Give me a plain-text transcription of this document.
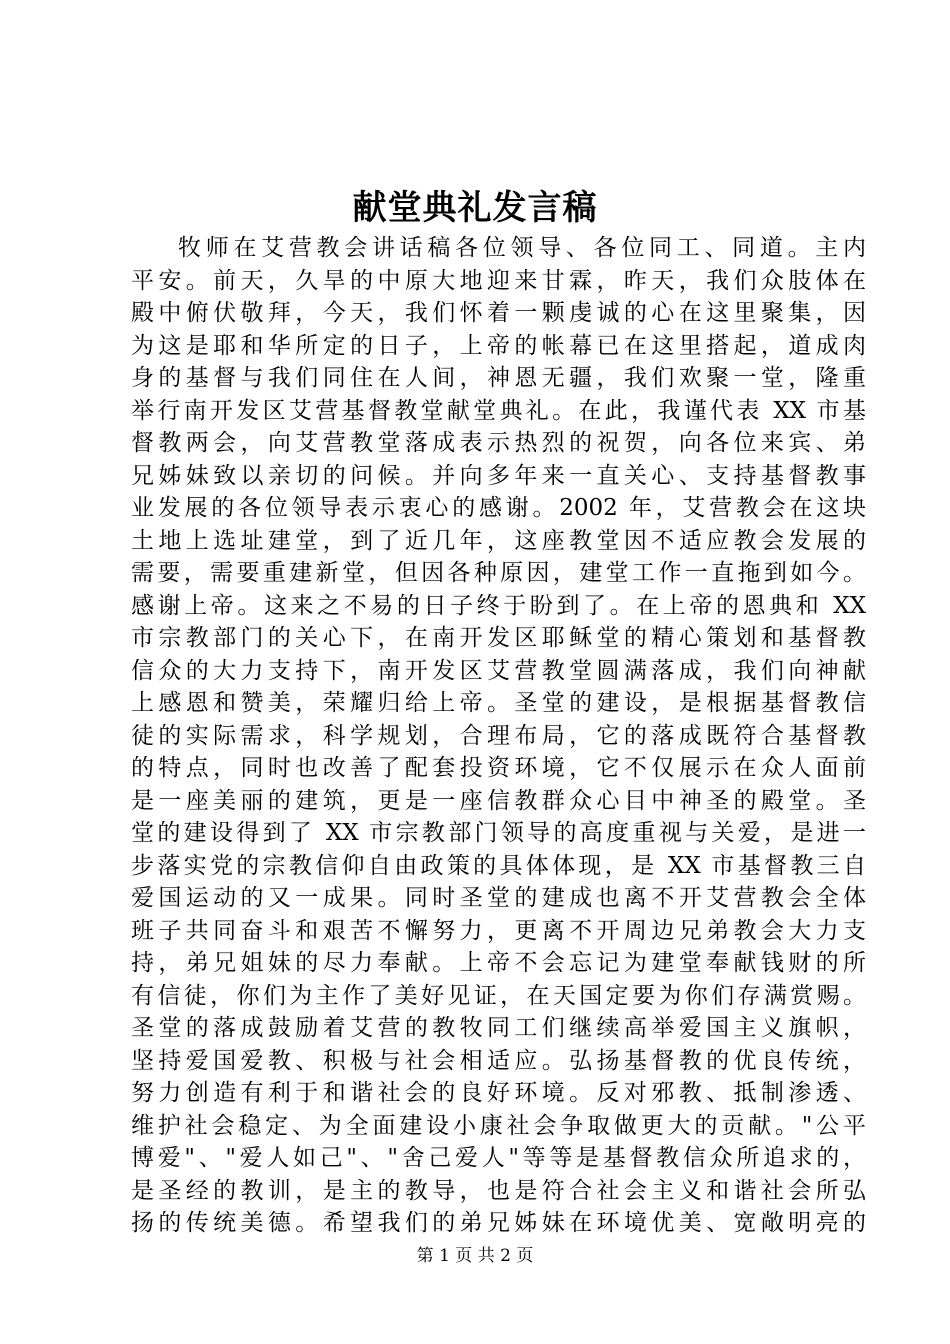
献堂典礼发言稿
牧师在艾营教会讲话稿各位领导、各位同工、同道。主内
平安。前天，久旱的中原大地迎来甘霖，昨天，我们众肢体在
殿中俯伏敬拜，今天，我们怀着一颗虔诚的心在这里聚集，因
为这是耶和华所定的日子，上帝的帐幕已在这里搭起，道成肉
身的基督与我们同住在人间，神恩无疆，我们欢聚一堂，隆重
举行南开发区艾营基督教堂献堂典礼。在此，我谨代表 XX 市基
督教两会，向艾营教堂落成表示热烈的祝贺，向各位来宾、弟
兄姊妹致以亲切的问候。并向多年来一直关心、支持基督教事
业发展的各位领导表示衷心的感谢。2002 年，艾营教会在这块
土地上选址建堂，到了近几年，这座教堂因不适应教会发展的
需要，需要重建新堂，但因各种原因，建堂工作一直拖到如今。
感谢上帝。这来之不易的日子终于盼到了。在上帝的恩典和 XX
市宗教部门的关心下，在南开发区耶稣堂的精心策划和基督教
信众的大力支持下，南开发区艾营教堂圆满落成，我们向神献
上感恩和赞美，荣耀归给上帝。圣堂的建设，是根据基督教信
徒的实际需求，科学规划，合理布局，它的落成既符合基督教
的特点，同时也改善了配套投资环境，它不仅展示在众人面前
是一座美丽的建筑，更是一座信教群众心目中神圣的殿堂。圣
堂的建设得到了 XX 市宗教部门领导的高度重视与关爱，是进一
步落实党的宗教信仰自由政策的具体体现，是 XX 市基督教三自
爱国运动的又一成果。同时圣堂的建成也离不开艾营教会全体
班子共同奋斗和艰苦不懈努力，更离不开周边兄弟教会大力支
持，弟兄姐妹的尽力奉献。上帝不会忘记为建堂奉献钱财的所
有信徒，你们为主作了美好见证，在天国定要为你们存满赏赐。
圣堂的落成鼓励着艾营的教牧同工们继续高举爱国主义旗帜，
坚持爱国爱教、积极与社会相适应。弘扬基督教的优良传统，
努力创造有利于和谐社会的良好环境。反对邪教、抵制渗透、
维护社会稳定、为全面建设小康社会争取做更大的贡献。"公平
博爱"、"爱人如己"、"舍己爱人"等等是基督教信众所追求的，
是圣经的教训，是主的教导，也是符合社会主义和谐社会所弘
扬的传统美德。希望我们的弟兄姊妹在环境优美、宽敞明亮的
第 1 页 共 2 页
